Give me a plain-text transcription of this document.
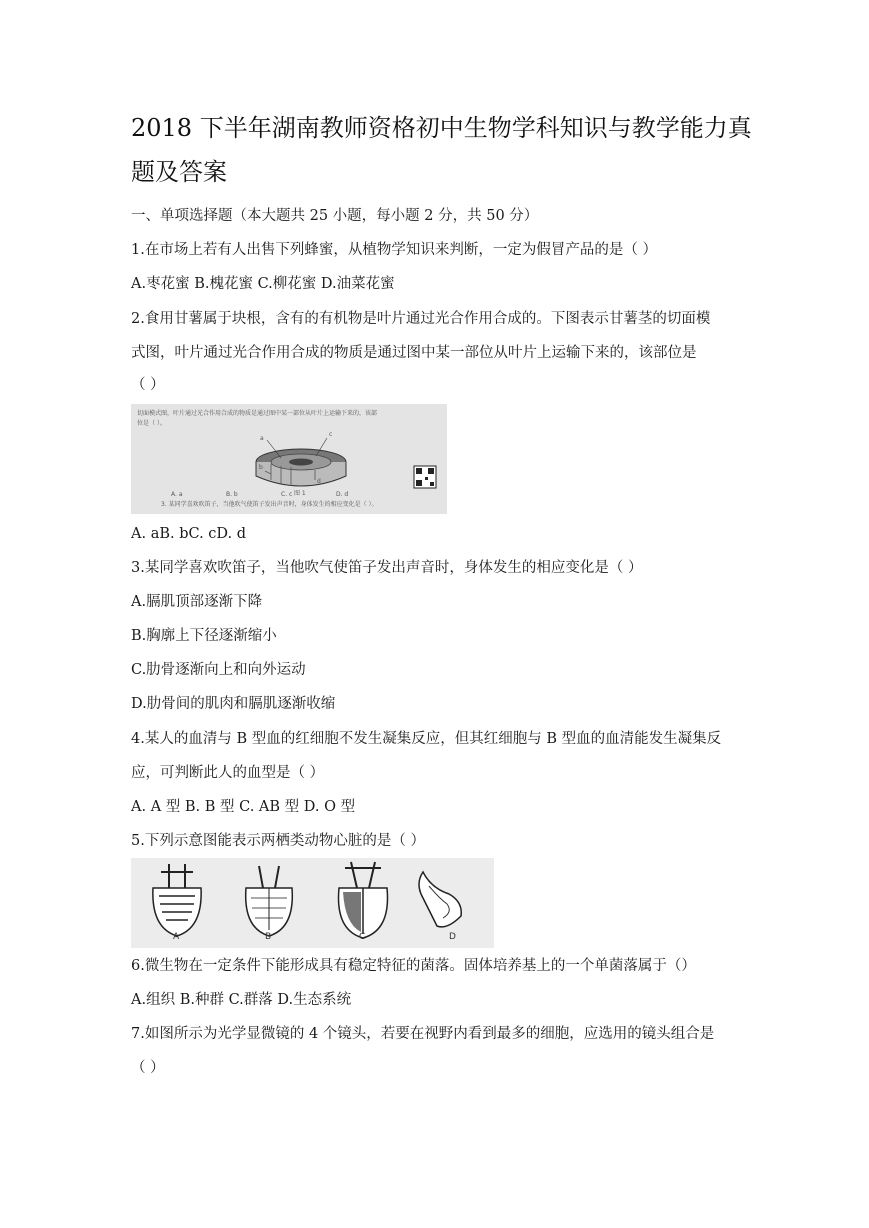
2018 下半年湖南教师资格初中生物学科知识与教学能力真
题及答案
一、单项选择题（本大题共 25 小题，每小题 2 分，共 50 分）
1.在市场上若有人出售下列蜂蜜，从植物学知识来判断，一定为假冒产品的是（ ）
A.枣花蜜 B.槐花蜜 C.柳花蜜 D.油菜花蜜
2.食用甘薯属于块根，含有的有机物是叶片通过光合作用合成的。下图表示甘薯茎的切面模
式图，叶片通过光合作用合成的物质是通过图中某一部位从叶片上运输下来的，该部位是
（ ）
切面模式图，叶片通过光合作用合成的物质是通过图中某一部位从叶片上运输下来的，该部
位是（ ）。
a
b
c
d
图 1
A. a	B. b	C. c	D. d
3. 某同学喜欢吹笛子，当他吹气使笛子发出声音时，身体发生的相应变化是（ ）。
A. aB. bC. cD. d
3.某同学喜欢吹笛子，当他吹气使笛子发出声音时，身体发生的相应变化是（ ）
A.膈肌顶部逐渐下降
B.胸廓上下径逐渐缩小
C.肋骨逐渐向上和向外运动
D.肋骨间的肌肉和膈肌逐渐收缩
4.某人的血清与 B 型血的红细胞不发生凝集反应，但其红细胞与 B 型血的血清能发生凝集反
应，可判断此人的血型是（ ）
A. A 型 B. B 型 C. AB 型 D. O 型
5.下列示意图能表示两栖类动物心脏的是（ ）
A	B	C	D
6.微生物在一定条件下能形成具有稳定特征的菌落。固体培养基上的一个单菌落属于（）
A.组织 B.种群 C.群落 D.生态系统
7.如图所示为光学显微镜的 4 个镜头，若要在视野内看到最多的细胞，应选用的镜头组合是
（ ）
